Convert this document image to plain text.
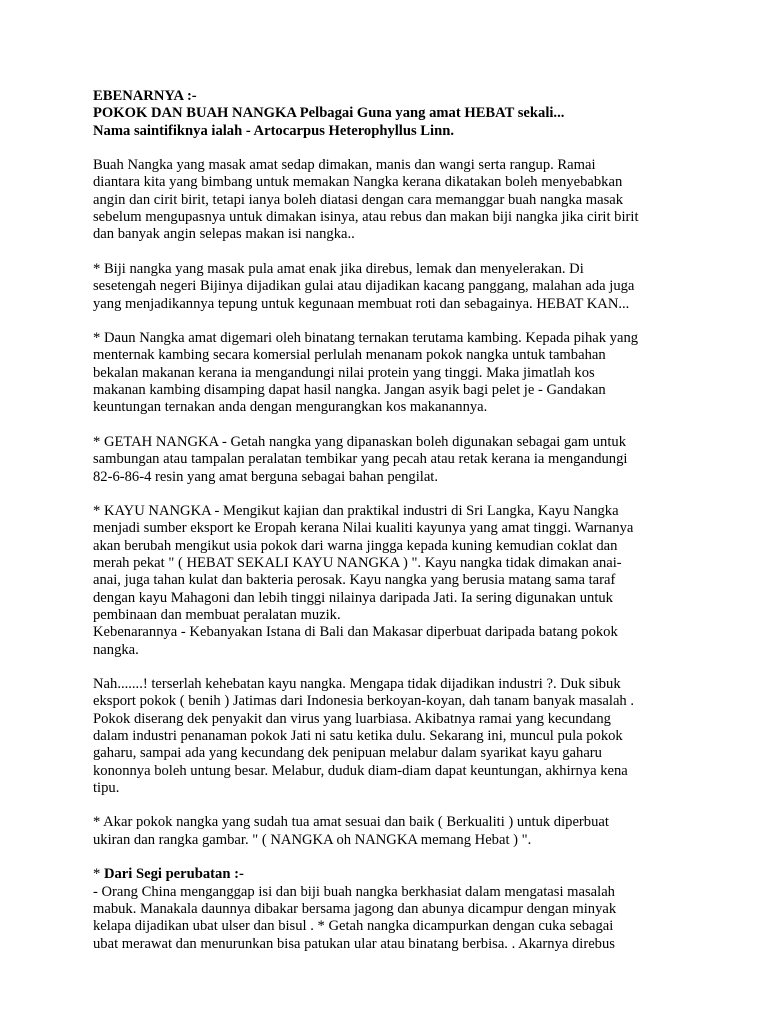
EBENARNYA :-
POKOK DAN BUAH NANGKA Pelbagai Guna yang amat HEBAT sekali...
Nama saintifiknya ialah - Artocarpus Heterophyllus Linn.
Buah Nangka yang masak amat sedap dimakan, manis dan wangi serta rangup. Ramai
diantara kita yang bimbang untuk memakan Nangka kerana dikatakan boleh menyebabkan
angin dan cirit birit, tetapi ianya boleh diatasi dengan cara memanggar buah nangka masak
sebelum mengupasnya untuk dimakan isinya, atau rebus dan makan biji nangka jika cirit birit
dan banyak angin selepas makan isi nangka..
* Biji nangka yang masak pula amat enak jika direbus, lemak dan menyelerakan. Di
sesetengah negeri Bijinya dijadikan gulai atau dijadikan kacang panggang, malahan ada juga
yang menjadikannya tepung untuk kegunaan membuat roti dan sebagainya. HEBAT KAN...
* Daun Nangka amat digemari oleh binatang ternakan terutama kambing. Kepada pihak yang
menternak kambing secara komersial perlulah menanam pokok nangka untuk tambahan
bekalan makanan kerana ia mengandungi nilai protein yang tinggi. Maka jimatlah kos
makanan kambing disamping dapat hasil nangka. Jangan asyik bagi pelet je - Gandakan
keuntungan ternakan anda dengan mengurangkan kos makanannya.
* GETAH NANGKA - Getah nangka yang dipanaskan boleh digunakan sebagai gam untuk
sambungan atau tampalan peralatan tembikar yang pecah atau retak kerana ia mengandungi
82-6-86-4 resin yang amat berguna sebagai bahan pengilat.
* KAYU NANGKA - Mengikut kajian dan praktikal industri di Sri Langka, Kayu Nangka
menjadi sumber eksport ke Eropah kerana Nilai kualiti kayunya yang amat tinggi. Warnanya
akan berubah mengikut usia pokok dari warna jingga kepada kuning kemudian coklat dan
merah pekat " ( HEBAT SEKALI KAYU NANGKA ) ". Kayu nangka tidak dimakan anai-
anai, juga tahan kulat dan bakteria perosak. Kayu nangka yang berusia matang sama taraf
dengan kayu Mahagoni dan lebih tinggi nilainya daripada Jati. Ia sering digunakan untuk
pembinaan dan membuat peralatan muzik.
Kebenarannya - Kebanyakan Istana di Bali dan Makasar diperbuat daripada batang pokok
nangka.
Nah.......! terserlah kehebatan kayu nangka. Mengapa tidak dijadikan industri ?. Duk sibuk
eksport pokok ( benih ) Jatimas dari Indonesia berkoyan-koyan, dah tanam banyak masalah .
Pokok diserang dek penyakit dan virus yang luarbiasa. Akibatnya ramai yang kecundang
dalam industri penanaman pokok Jati ni satu ketika dulu. Sekarang ini, muncul pula pokok
gaharu, sampai ada yang kecundang dek penipuan melabur dalam syarikat kayu gaharu
kononnya boleh untung besar. Melabur, duduk diam-diam dapat keuntungan, akhirnya kena
tipu.
* Akar pokok nangka yang sudah tua amat sesuai dan baik ( Berkualiti ) untuk diperbuat
ukiran dan rangka gambar. " ( NANGKA oh NANGKA memang Hebat ) ".
* Dari Segi perubatan :-
- Orang China menganggap isi dan biji buah nangka berkhasiat dalam mengatasi masalah
mabuk. Manakala daunnya dibakar bersama jagong dan abunya dicampur dengan minyak
kelapa dijadikan ubat ulser dan bisul . * Getah nangka dicampurkan dengan cuka sebagai
ubat merawat dan menurunkan bisa patukan ular atau binatang berbisa. . Akarnya direbus
